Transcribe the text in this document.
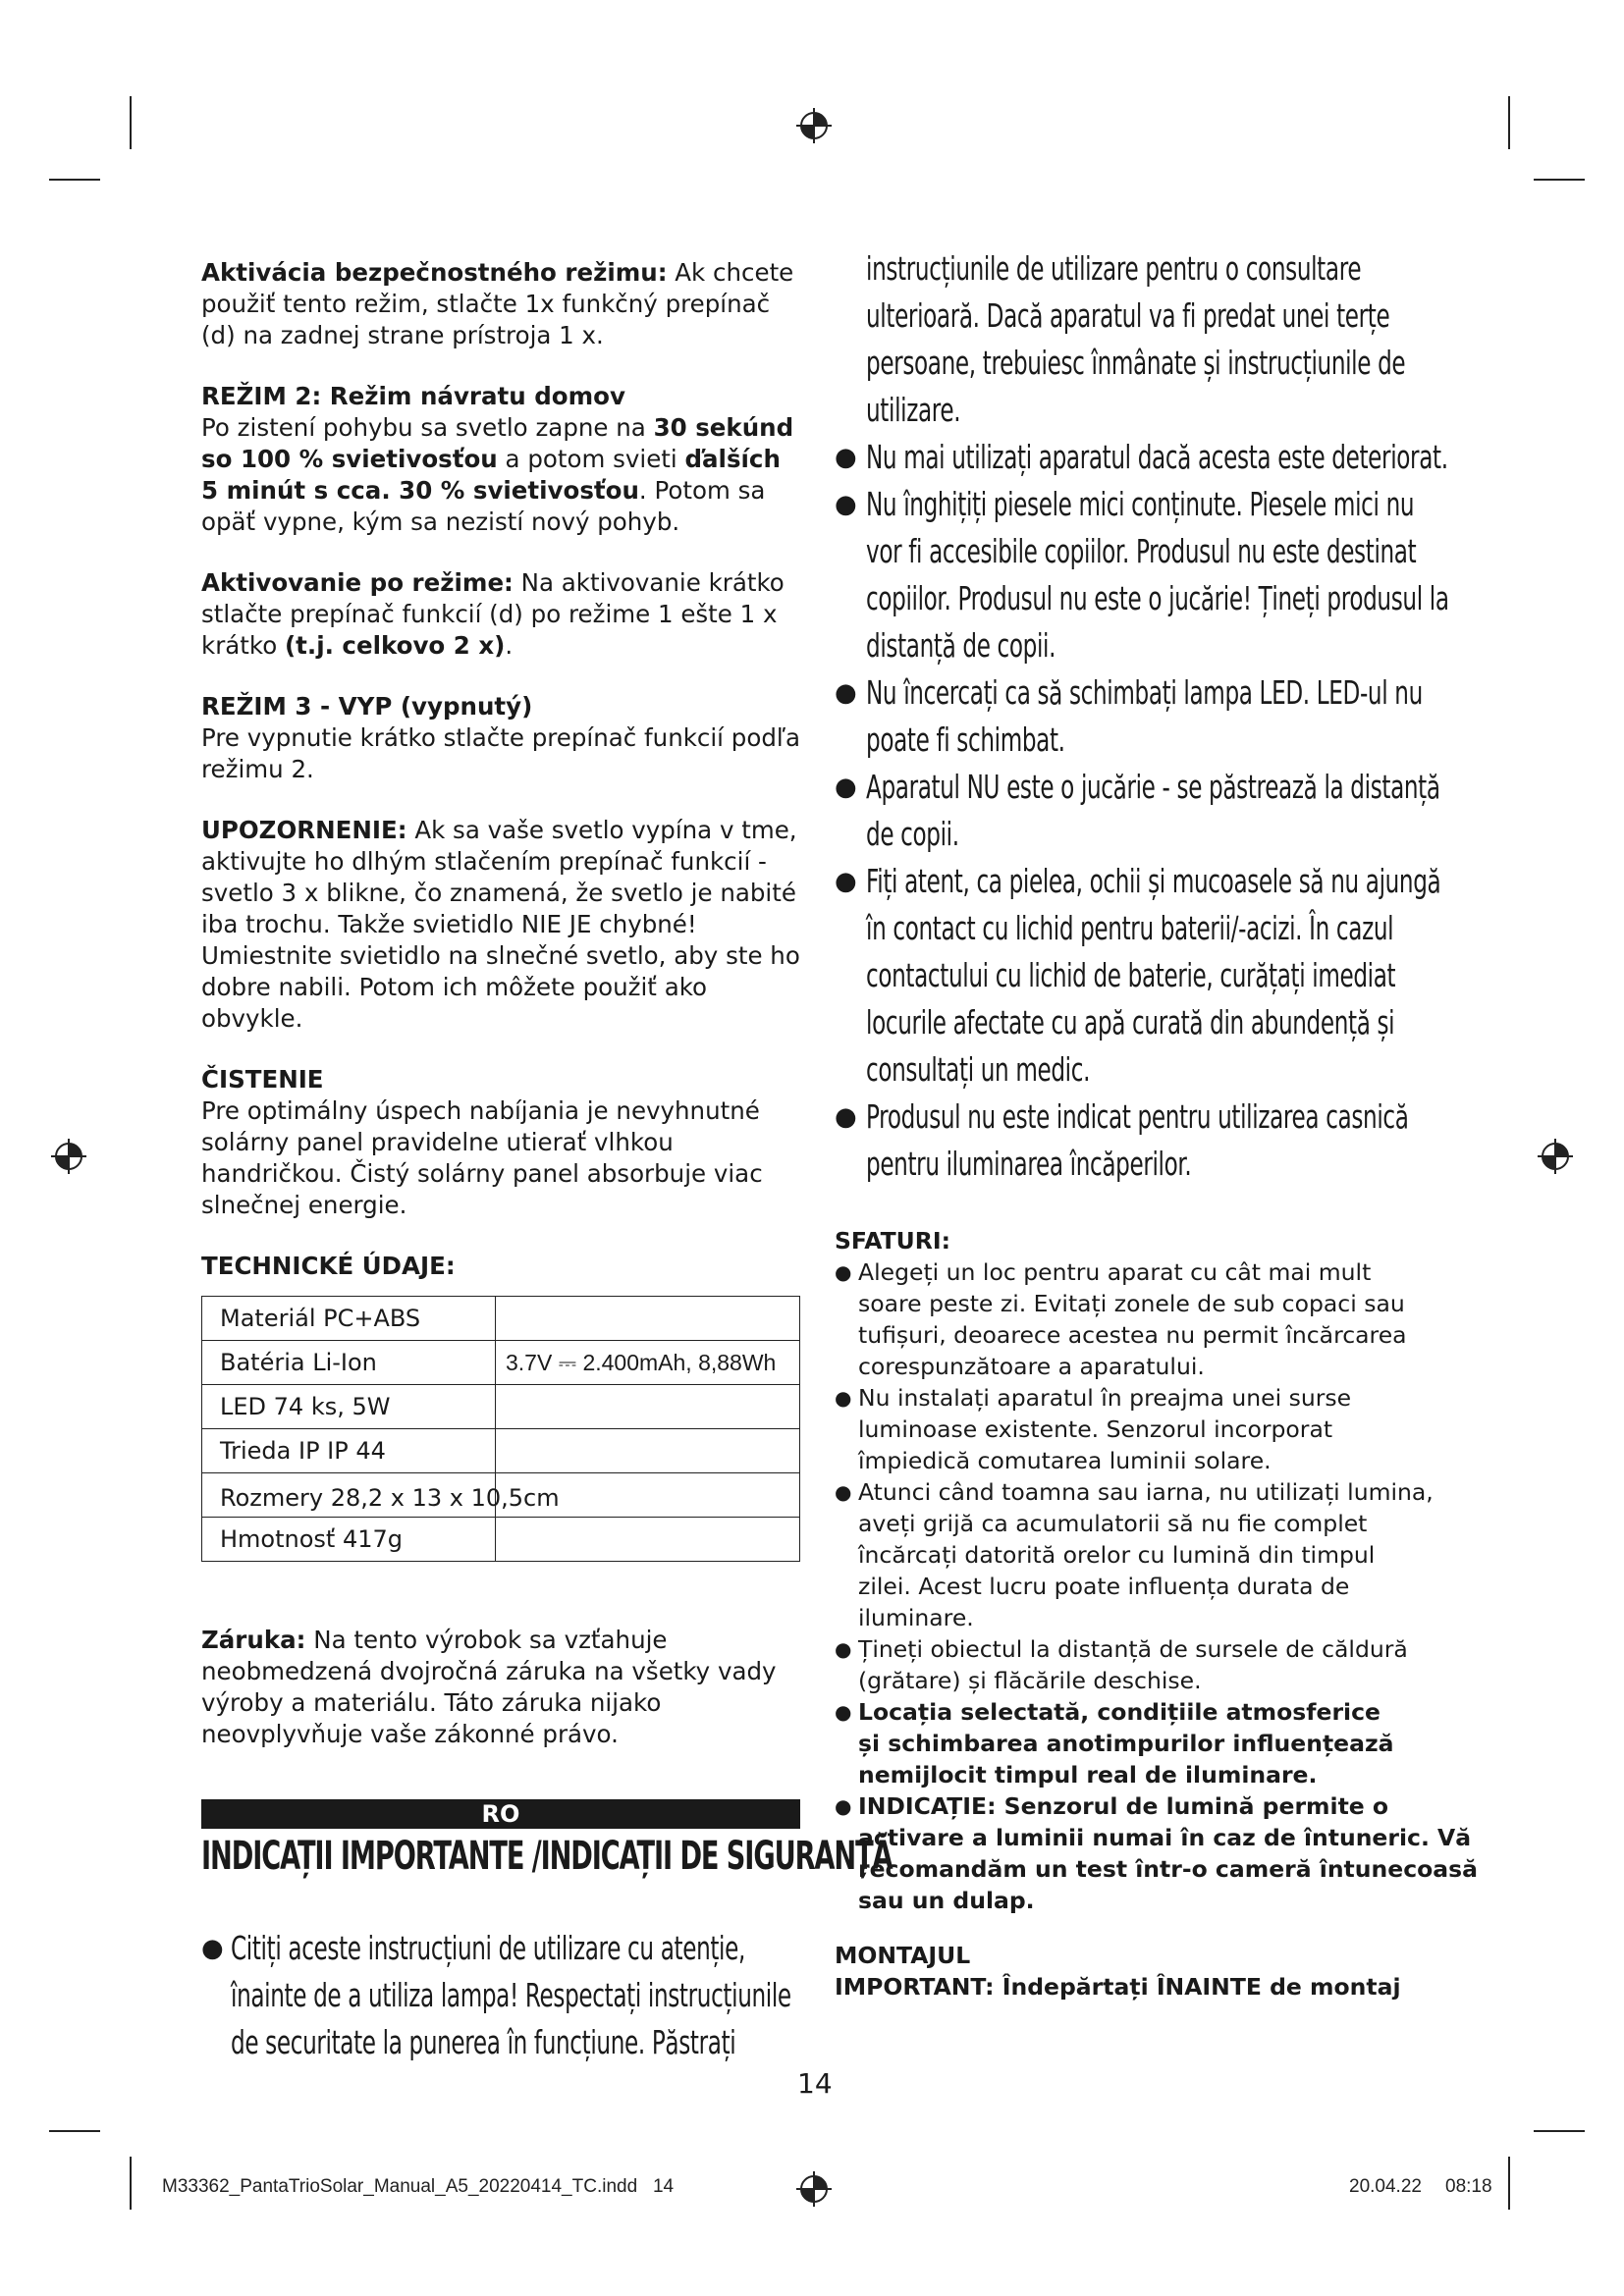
Aktivácia bezpečnostného režimu: Ak chcete použiť tento režim, stlačte 1x funkčný prepínač (d) na zadnej strane prístroja 1 x.

REŽIM 2: Režim návratu domov

Po zistení pohybu sa svetlo zapne na 30 sekúnd so 100 % svietivosťou a potom svieti ďalších 5 minút s cca. 30 % svietivosťou. Potom sa opäť vypne, kým sa nezistí nový pohyb.

Aktivovanie po režime: Na aktivovanie krátko stlačte prepínač funkcií (d) po režime 1 ešte 1 x krátko (t.j. celkovo 2 x).

REŽIM 3 - VYP (vypnutý)

Pre vypnutie krátko stlačte prepínač funkcií podľa režimu 2.

UPOZORNENIE: Ak sa vaše svetlo vypína v tme, aktivujte ho dlhým stlačením prepínač funkcií - svetlo 3 x blikne, čo znamená, že svetlo je nabité iba trochu. Takže svietidlo NIE JE chybné! Umiestnite svietidlo na slnečné svetlo, aby ste ho dobre nabili. Potom ich môžete použiť ako obvykle.

ČISTENIE

Pre optimálny úspech nabíjania je nevyhnutné solárny panel pravidelne utierať vlhkou handričkou. Čistý solárny panel absorbuje viac slnečnej energie.

TECHNICKÉ ÚDAJE:

Materiál PC+ABS	
Batéria Li-Ion	3.7V ⎓ 2.400mAh, 8,88Wh
LED 74 ks, 5W	
Trieda IP IP 44	

Rozmery 28,2 x 13 x 10,5cm	

Hmotnosť 417g	

Záruka: Na tento výrobok sa vzťahuje neobmedzená dvojročná záruka na všetky vady výroby a materiálu. Táto záruka nijako neovplyvňuje vaše zákonné právo.

RO
INDICAȚII IMPORTANTE /INDICAȚII DE SIGURANȚĂ
● Citiți aceste instrucțiuni de utilizare cu atenție,
înainte de a utiliza lampa! Respectați instrucțiunile
de securitate la punerea în funcțiune. Păstrați
instrucțiunile de utilizare pentru o consultare
ulterioară. Dacă aparatul va fi predat unei terțe
persoane, trebuiesc înmânate și instrucțiunile de
utilizare.
● Nu mai utilizați aparatul dacă acesta este deteriorat.
● Nu înghițiți piesele mici conținute. Piesele mici nu
vor fi accesibile copiilor. Produsul nu este destinat
copiilor. Produsul nu este o jucărie! Țineți produsul la
distanță de copii.
● Nu încercați ca să schimbați lampa LED. LED-ul nu
poate fi schimbat.
● Aparatul NU este o jucărie - se păstrează la distanță
de copii.
● Fiți atent, ca pielea, ochii și mucoasele să nu ajungă
în contact cu lichid pentru baterii/-acizi. În cazul
contactului cu lichid de baterie, curățați imediat
locurile afectate cu apă curată din abundență și
consultați un medic.
● Produsul nu este indicat pentru utilizarea casnică
pentru iluminarea încăperilor.
SFATURI:
● Alegeți un loc pentru aparat cu cât mai mult
soare peste zi. Evitați zonele de sub copaci sau
tufișuri, deoarece acestea nu permit încărcarea
corespunzătoare a aparatului.
● Nu instalați aparatul în preajma unei surse
luminoase existente. Senzorul incorporat
împiedică comutarea luminii solare.
● Atunci când toamna sau iarna, nu utilizați lumina,
aveți grijă ca acumulatorii să nu fie complet
încărcați datorită orelor cu lumină din timpul
zilei. Acest lucru poate influența durata de
iluminare.
● Țineți obiectul la distanță de sursele de căldură
(grătare) și flăcările deschise.
● Locația selectată, condițiile atmosferice
și schimbarea anotimpurilor influențează
nemijlocit timpul real de iluminare.
● INDICAȚIE: Senzorul de lumină permite o
activare a luminii numai în caz de întuneric. Vă
recomandăm un test într-o cameră întunecoasă
sau un dulap.
MONTAJUL
IMPORTANT: Îndepărtați ÎNAINTE de montaj
14
M33362_PantaTrioSolar_Manual_A5_20220414_TC.indd   14	20.04.22 08:18
